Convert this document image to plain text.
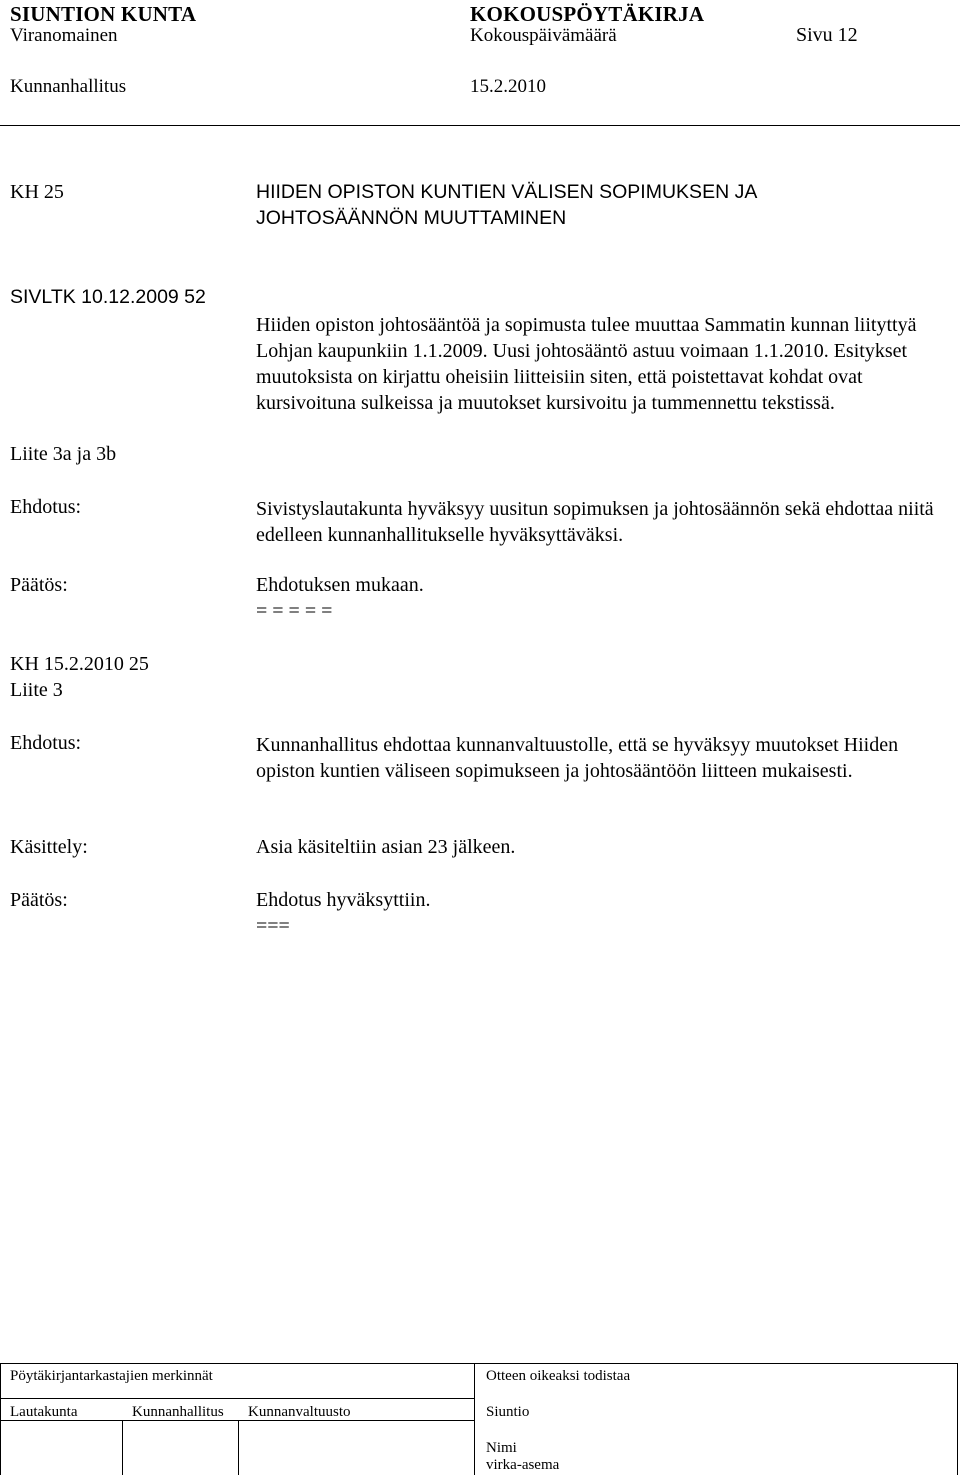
SIUNTION KUNTA	KOKOUSPÖYTÄKIRJA
Viranomainen	Kokouspäivämäärä	Sivu 12
Kunnanhallitus	15.2.2010
KH 25	HIIDEN OPISTON KUNTIEN VÄLISEN SOPIMUKSEN JA
JOHTOSÄÄNNÖN MUUTTAMINEN
SIVLTK 10.12.2009 52
Hiiden opiston johtosääntöä ja sopimusta tulee muuttaa Sammatin kunnan liityttyä Lohjan kaupunkiin 1.1.2009. Uusi johtosääntö astuu voimaan 1.1.2010. Esitykset muutoksista on kirjattu oheisiin liitteisiin siten, että poistettavat kohdat ovat kursivoituna sulkeissa ja muutokset kursivoitu ja tummennettu tekstissä.
Liite 3a ja 3b
Ehdotus:	Sivistyslautakunta hyväksyy uusitun sopimuksen ja johtosäännön sekä ehdottaa niitä edelleen kunnanhallitukselle hyväksyttäväksi.
Päätös:	Ehdotuksen mukaan.
= = = = =
KH 15.2.2010 25
Liite 3
Ehdotus:	Kunnanhallitus ehdottaa kunnanvaltuustolle, että se hyväksyy muutokset Hiiden opiston kuntien väliseen sopimukseen ja johtosääntöön liitteen mukaisesti.
Käsittely:	Asia käsiteltiin asian 23 jälkeen.
Päätös:	Ehdotus hyväksyttiin.
===
Pöytäkirjantarkastajien merkinnät	Otteen oikeaksi todistaa
Lautakunta	Kunnanhallitus Kunnanvaltuusto	Siuntio
Nimi
virka-asema
